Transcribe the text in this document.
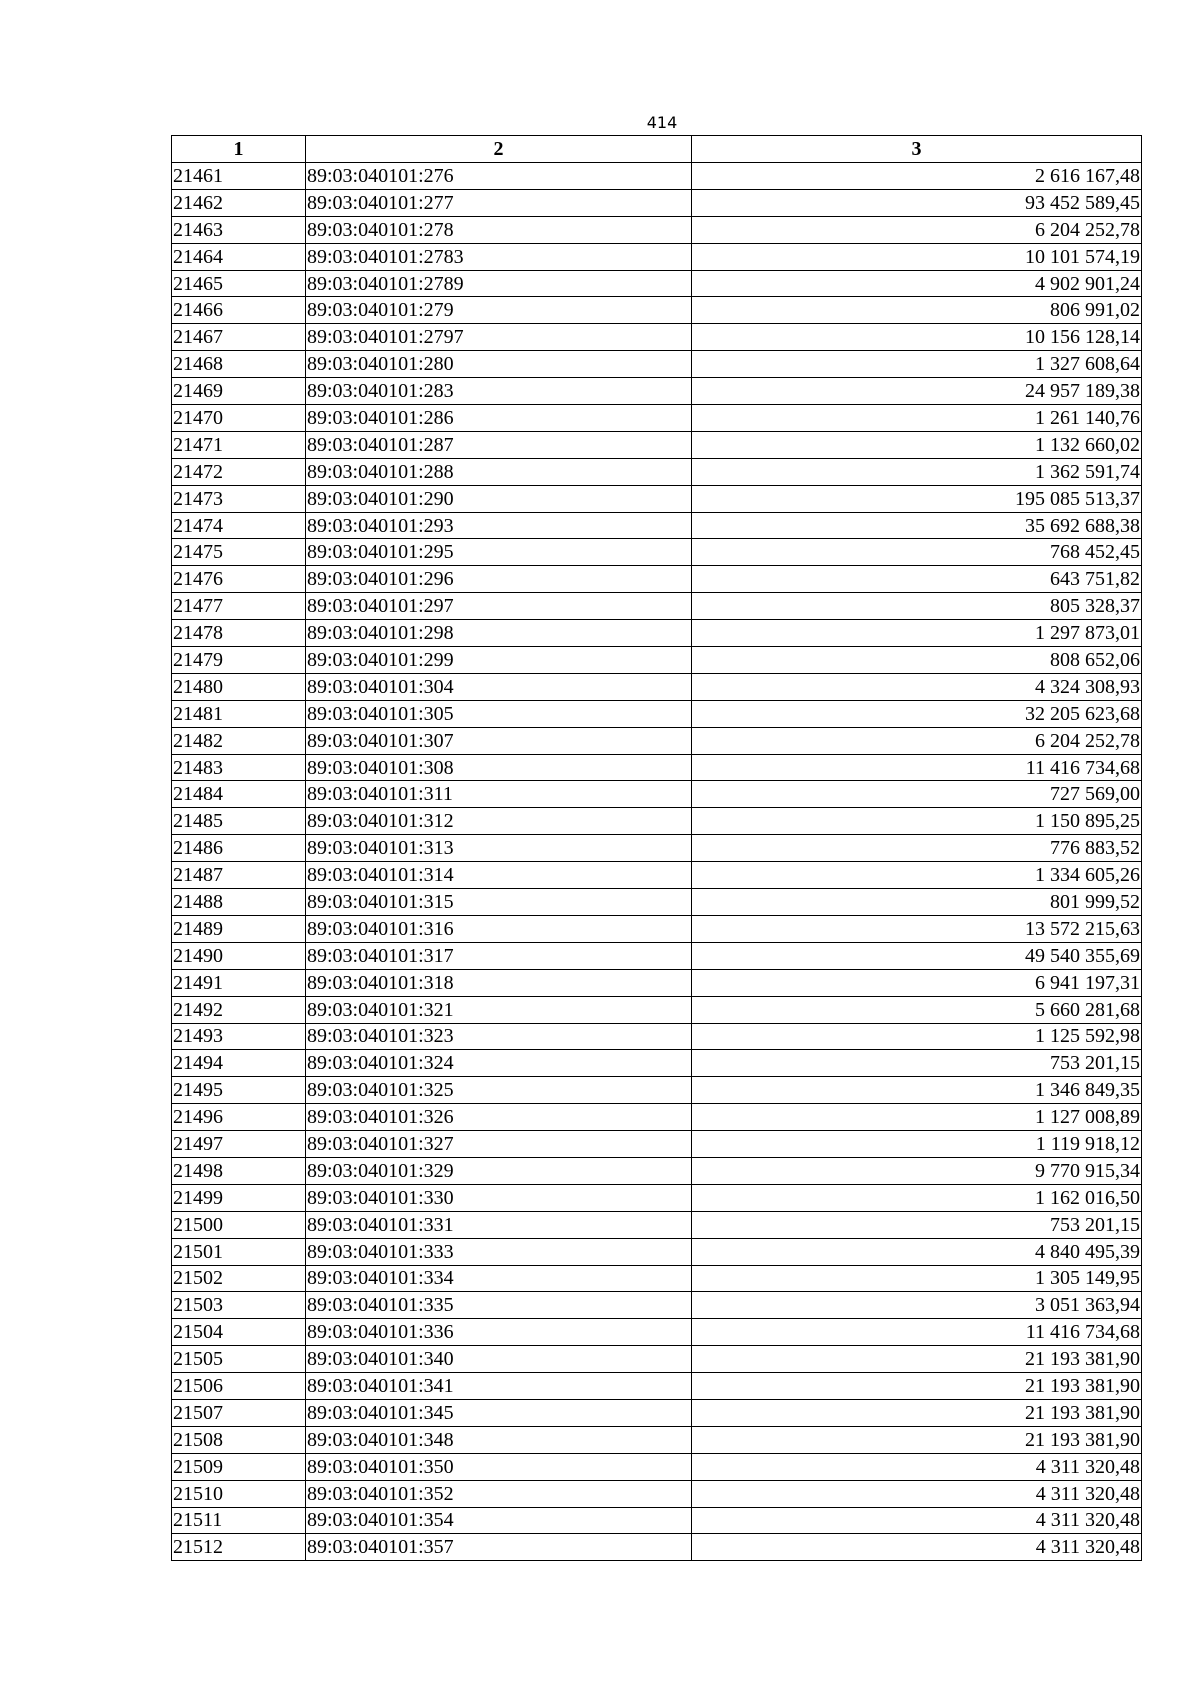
414
1	2	3
21461	89:03:040101:276	2 616 167,48
21462	89:03:040101:277	93 452 589,45
21463	89:03:040101:278	6 204 252,78
21464	89:03:040101:2783	10 101 574,19
21465	89:03:040101:2789	4 902 901,24
21466	89:03:040101:279	806 991,02
21467	89:03:040101:2797	10 156 128,14
21468	89:03:040101:280	1 327 608,64
21469	89:03:040101:283	24 957 189,38
21470	89:03:040101:286	1 261 140,76
21471	89:03:040101:287	1 132 660,02
21472	89:03:040101:288	1 362 591,74
21473	89:03:040101:290	195 085 513,37
21474	89:03:040101:293	35 692 688,38
21475	89:03:040101:295	768 452,45
21476	89:03:040101:296	643 751,82
21477	89:03:040101:297	805 328,37
21478	89:03:040101:298	1 297 873,01
21479	89:03:040101:299	808 652,06
21480	89:03:040101:304	4 324 308,93
21481	89:03:040101:305	32 205 623,68
21482	89:03:040101:307	6 204 252,78
21483	89:03:040101:308	11 416 734,68
21484	89:03:040101:311	727 569,00
21485	89:03:040101:312	1 150 895,25
21486	89:03:040101:313	776 883,52
21487	89:03:040101:314	1 334 605,26
21488	89:03:040101:315	801 999,52
21489	89:03:040101:316	13 572 215,63
21490	89:03:040101:317	49 540 355,69
21491	89:03:040101:318	6 941 197,31
21492	89:03:040101:321	5 660 281,68
21493	89:03:040101:323	1 125 592,98
21494	89:03:040101:324	753 201,15
21495	89:03:040101:325	1 346 849,35
21496	89:03:040101:326	1 127 008,89
21497	89:03:040101:327	1 119 918,12
21498	89:03:040101:329	9 770 915,34
21499	89:03:040101:330	1 162 016,50
21500	89:03:040101:331	753 201,15
21501	89:03:040101:333	4 840 495,39
21502	89:03:040101:334	1 305 149,95
21503	89:03:040101:335	3 051 363,94
21504	89:03:040101:336	11 416 734,68
21505	89:03:040101:340	21 193 381,90
21506	89:03:040101:341	21 193 381,90
21507	89:03:040101:345	21 193 381,90
21508	89:03:040101:348	21 193 381,90
21509	89:03:040101:350	4 311 320,48
21510	89:03:040101:352	4 311 320,48
21511	89:03:040101:354	4 311 320,48
21512	89:03:040101:357	4 311 320,48
